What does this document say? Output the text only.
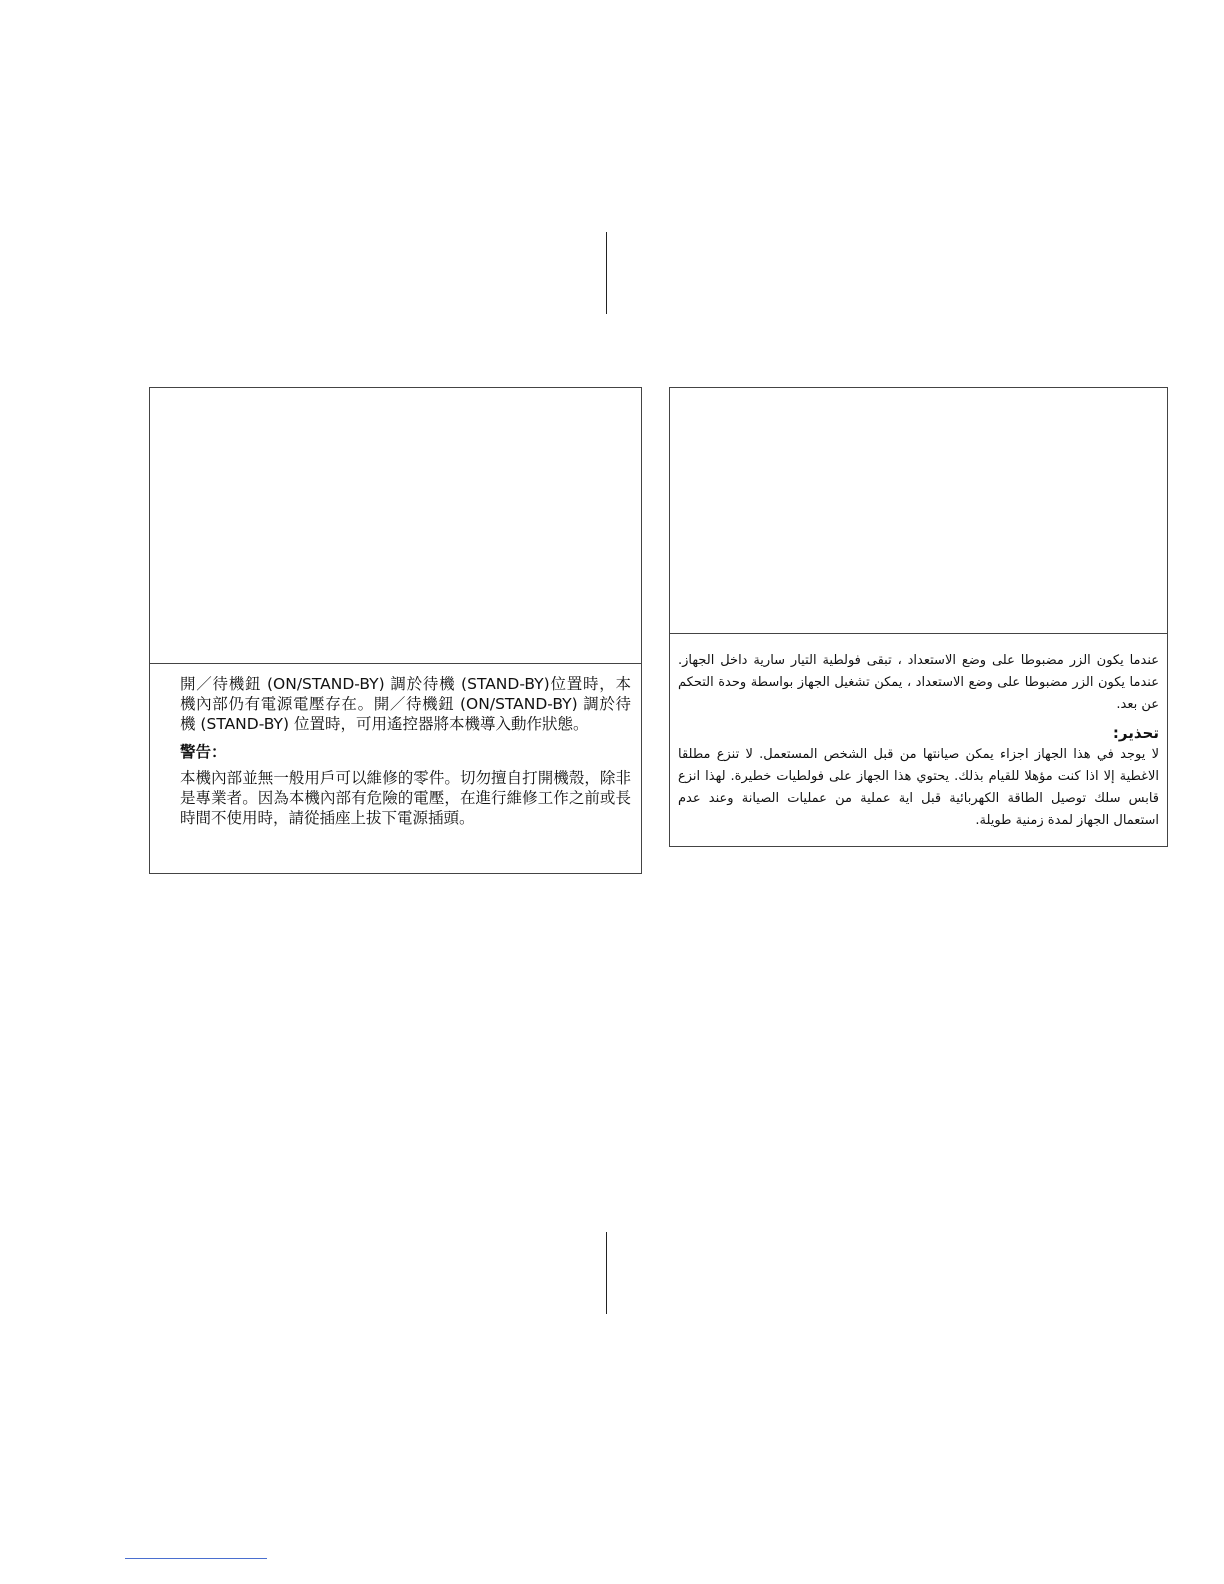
開／待機鈕 (ON/STAND-BY) 調於待機 (STAND-BY)位置時，本機內部仍有電源電壓存在。開／待機鈕 (ON/STAND-BY) 調於待機 (STAND-BY) 位置時，可用遙控器將本機導入動作狀態。

警告：

本機內部並無一般用戶可以維修的零件。切勿擅自打開機殼，除非是專業者。因為本機內部有危險的電壓，在進行維修工作之前或長時間不使用時，請從插座上拔下電源插頭。

عندما يكون الزر مضبوطا على وضع الاستعداد ، تبقى فولطية التيار سارية داخل الجهاز. عندما يكون الزر مضبوطا على وضع الاستعداد ، يمكن تشغيل الجهاز بواسطة وحدة التحكم عن بعد.

تحذير:

لا يوجد في هذا الجهاز اجزاء يمكن صيانتها من قبل الشخص المستعمل. لا تنزع مطلقا الاغطية إلا اذا كنت مؤهلا للقيام بذلك. يحتوي هذا الجهاز على فولطيات خطيرة. لهذا انزع قابس سلك توصيل الطاقة الكهربائية قبل اية عملية من عمليات الصيانة وعند عدم استعمال الجهاز لمدة زمنية طويلة.
